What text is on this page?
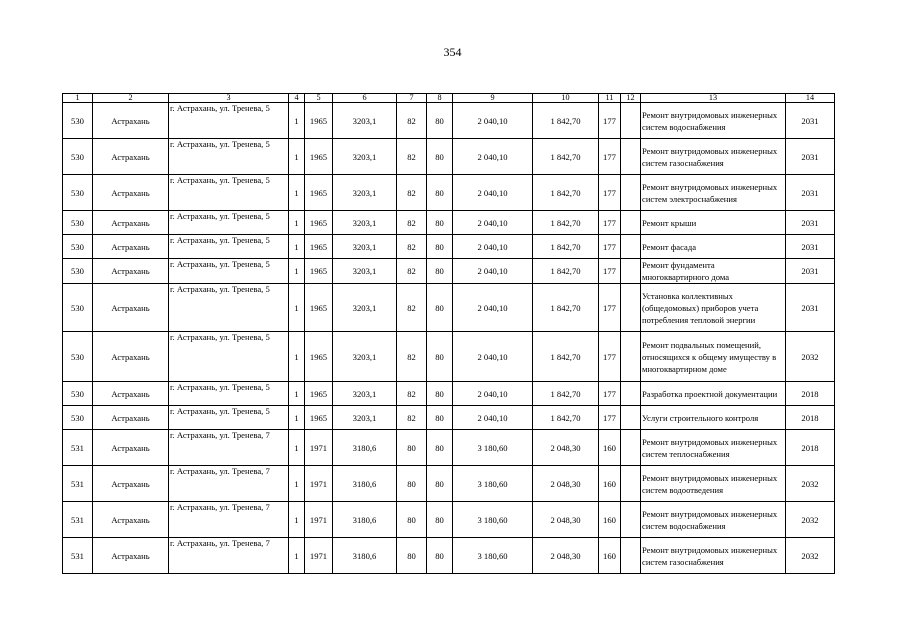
354
1	2	3	4	5	6	7	8	9	10	11	12	13	14
530	Астрахань	г. Астрахань, ул. Тренева, 5	1	1965	3203,1	82	80	2 040,10	1 842,70	177		Ремонт внутридомовых инженерных систем водоснабжения	2031
530	Астрахань	г. Астрахань, ул. Тренева, 5	1	1965	3203,1	82	80	2 040,10	1 842,70	177		Ремонт внутридомовых инженерных систем газоснабжения	2031
530	Астрахань	г. Астрахань, ул. Тренева, 5	1	1965	3203,1	82	80	2 040,10	1 842,70	177		Ремонт внутридомовых инженерных систем электроснабжения	2031
530	Астрахань	г. Астрахань, ул. Тренева, 5	1	1965	3203,1	82	80	2 040,10	1 842,70	177		Ремонт крыши	2031
530	Астрахань	г. Астрахань, ул. Тренева, 5	1	1965	3203,1	82	80	2 040,10	1 842,70	177		Ремонт фасада	2031
530	Астрахань	г. Астрахань, ул. Тренева, 5	1	1965	3203,1	82	80	2 040,10	1 842,70	177		Ремонт фундамента многоквартирного дома	2031
530	Астрахань	г. Астрахань, ул. Тренева, 5	1	1965	3203,1	82	80	2 040,10	1 842,70	177		Установка коллективных (общедомовых) приборов учета потребления тепловой энергии	2031
530	Астрахань	г. Астрахань, ул. Тренева, 5	1	1965	3203,1	82	80	2 040,10	1 842,70	177		Ремонт подвальных помещений, относящихся к общему имуществу в многоквартирном доме	2032
530	Астрахань	г. Астрахань, ул. Тренева, 5	1	1965	3203,1	82	80	2 040,10	1 842,70	177		Разработка проектной документации	2018
530	Астрахань	г. Астрахань, ул. Тренева, 5	1	1965	3203,1	82	80	2 040,10	1 842,70	177		Услуги строительного контроля	2018
531	Астрахань	г. Астрахань, ул. Тренева, 7	1	1971	3180,6	80	80	3 180,60	2 048,30	160		Ремонт внутридомовых инженерных систем теплоснабжения	2018
531	Астрахань	г. Астрахань, ул. Тренева, 7	1	1971	3180,6	80	80	3 180,60	2 048,30	160		Ремонт внутридомовых инженерных систем водоотведения	2032
531	Астрахань	г. Астрахань, ул. Тренева, 7	1	1971	3180,6	80	80	3 180,60	2 048,30	160		Ремонт внутридомовых инженерных систем водоснабжения	2032
531	Астрахань	г. Астрахань, ул. Тренева, 7	1	1971	3180,6	80	80	3 180,60	2 048,30	160		Ремонт внутридомовых инженерных систем газоснабжения	2032
